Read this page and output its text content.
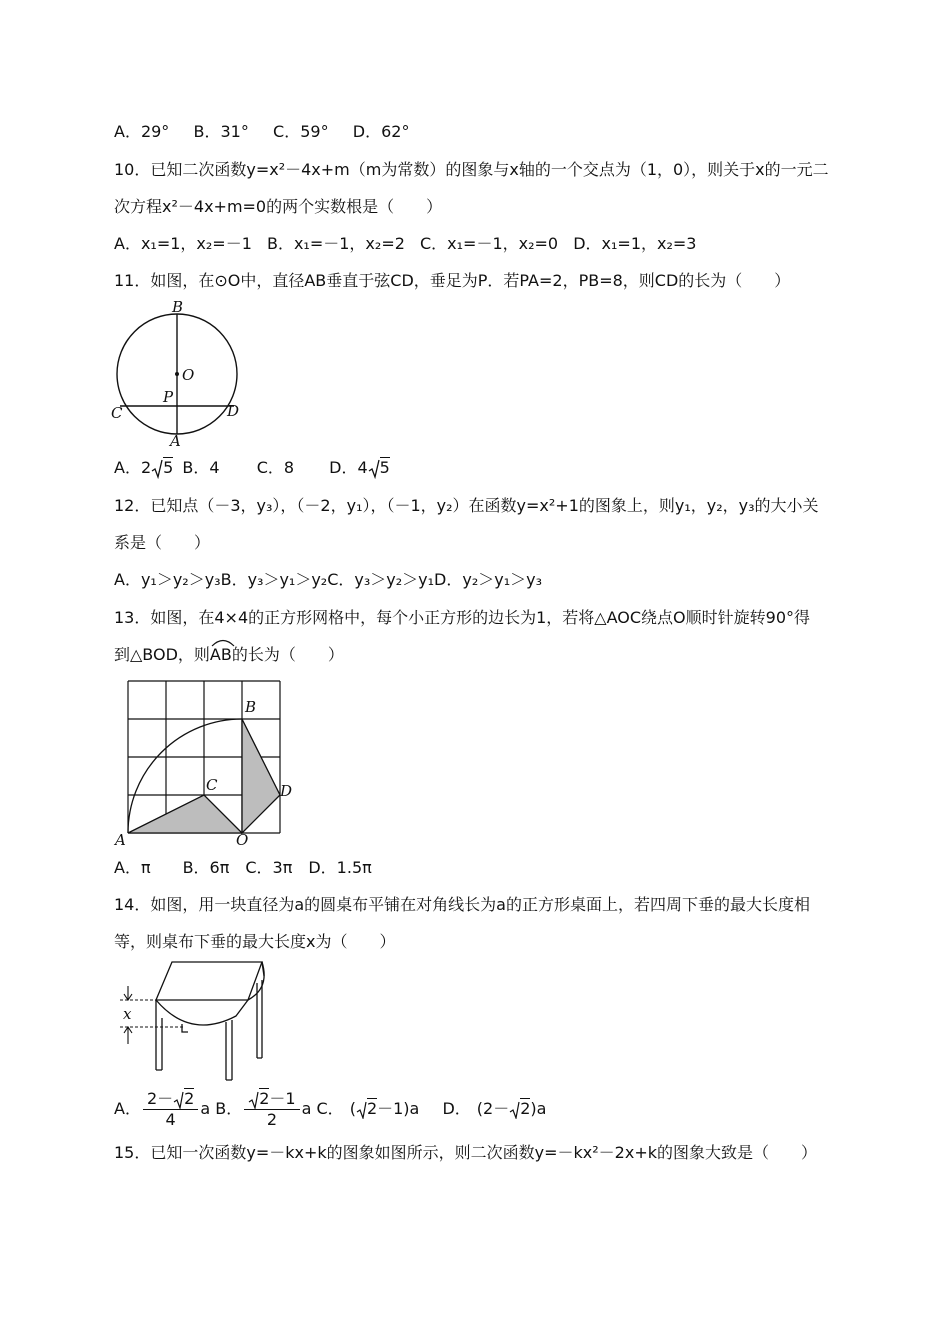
A．29° B．31° C．59° D．62°
10．已知二次函数y=x²－4x+m（m为常数）的图象与x轴的一个交点为（1，0），则关于x的一元二
次方程x²－4x+m=0的两个实数根是（　　）
A．x₁=1，x₂=－1 B．x₁=－1，x₂=2 C．x₁=－1，x₂=0 D．x₁=1，x₂=3
11．如图，在⊙O中，直径AB垂直于弦CD，垂足为P．若PA=2，PB=8，则CD的长为（　　）
B
O
P
C	D
A
A．2 5 B．4 C．8 D．4 5
12．已知点（－3，y₃），（－2，y₁），（－1，y₂）在函数y=x²+1的图象上，则y₁，y₂，y₃的大小关
系是（　　）
A．y₁＞y₂＞y₃B．y₃＞y₁＞y₂C．y₃＞y₂＞y₁D．y₂＞y₁＞y₃
13．如图，在4×4的正方形网格中，每个小正方形的边长为1，若将△AOC绕点O顺时针旋转90°得
到△BOD，则
AB的长为（　　）
A
B
C	D
O
A．π　　B．6π　C．3π　D．1.5π
14．如图，用一块直径为a的圆桌布平铺在对角线长为a的正方形桌面上，若四周下垂的最大长度相
等，则桌布下垂的最大长度x为（　　）
x
A． $\frac{2- 2}{4}$ a B． $\frac{2-1}{2}$ a C． ( 2－1)a D． (2－ 2)a
15．已知一次函数y=－kx+k的图象如图所示，则二次函数y=－kx²－2x+k的图象大致是（　　）
